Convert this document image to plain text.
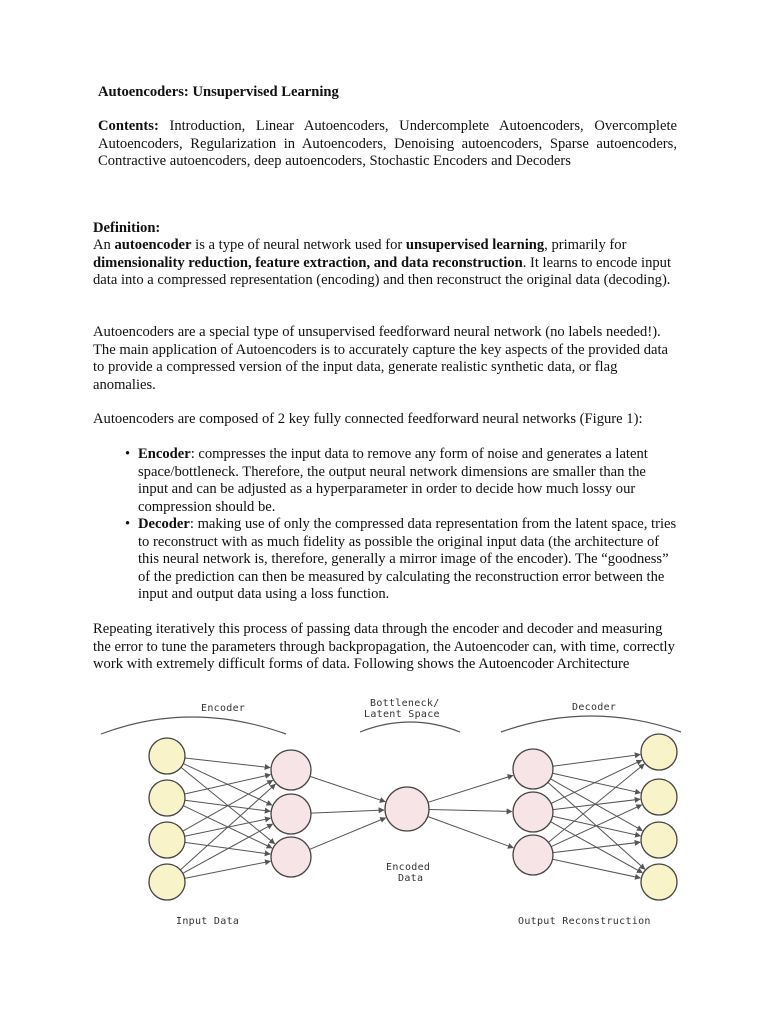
Autoencoders: Unsupervised Learning

Contents: Introduction, Linear Autoencoders, Undercomplete Autoencoders, Overcomplete Autoencoders, Regularization in Autoencoders, Denoising autoencoders, Sparse autoencoders, Contractive autoencoders, deep autoencoders, Stochastic Encoders and Decoders

Definition:

An autoencoder is a type of neural network used for unsupervised learning, primarily for dimensionality reduction, feature extraction, and data reconstruction. It learns to encode input data into a compressed representation (encoding) and then reconstruct the original data (decoding).

Autoencoders are a special type of unsupervised feedforward neural network (no labels needed!). The main application of Autoencoders is to accurately capture the key aspects of the provided data to provide a compressed version of the input data, generate realistic synthetic data, or flag anomalies.

Autoencoders are composed of 2 key fully connected feedforward neural networks (Figure 1):

• Encoder: compresses the input data to remove any form of noise and generates a latent space/bottleneck. Therefore, the output neural network dimensions are smaller than the input and can be adjusted as a hyperparameter in order to decide how much lossy our compression should be.
• Decoder: making use of only the compressed data representation from the latent space, tries to reconstruct with as much fidelity as possible the original input data (the architecture of this neural network is, therefore, generally a mirror image of the encoder). The “goodness” of the prediction can then be measured by calculating the reconstruction error between the input and output data using a loss function.

Repeating iteratively this process of passing data through the encoder and decoder and measuring the error to tune the parameters through backpropagation, the Autoencoder can, with time, correctly work with extremely difficult forms of data. Following shows the Autoencoder Architecture

Encoder	Bottleneck/
Latent Space
Decoder
Encoded
Data
Input Data	Output Reconstruction
